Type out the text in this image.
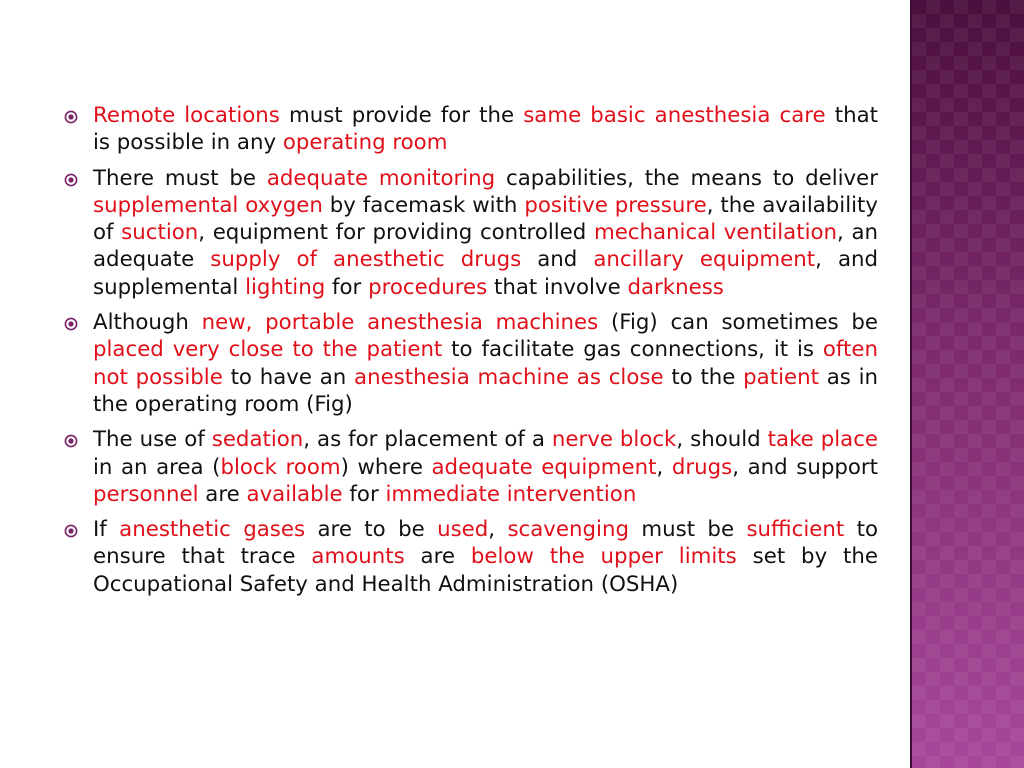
Remote locations must provide for the same basic anesthesia care that is possible in any operating room
There must be adequate monitoring capabilities, the means to deliver supplemental oxygen by facemask with positive pressure, the availability of suction, equipment for providing controlled mechanical ventilation, an adequate supply of anesthetic drugs and ancillary equipment, and supplemental lighting for procedures that involve darkness
Although new, portable anesthesia machines (Fig) can sometimes be placed very close to the patient to facilitate gas connections, it is often not possible to have an anesthesia machine as close to the patient as in the operating room (Fig)
The use of sedation, as for placement of a nerve block, should take place in an area (block room) where adequate equipment, drugs, and support personnel are available for immediate intervention
If anesthetic gases are to be used, scavenging must be sufficient to ensure that trace amounts are below the upper limits set by the Occupational Safety and Health Administration (OSHA)
